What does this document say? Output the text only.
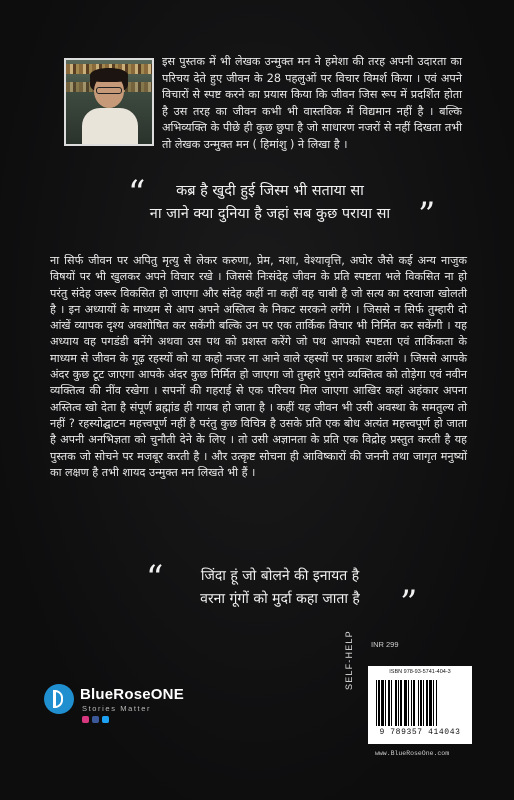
इस पुस्तक में भी लेखक उन्मुक्त मन ने हमेशा की तरह अपनी उदारता का परिचय देते हुए जीवन के 28 पहलुओं पर विचार विमर्श किया । एवं अपने विचारों से स्पष्ट करने का प्रयास किया कि जीवन जिस रूप में प्रदर्शित होता है उस तरह का जीवन कभी भी वास्तविक में विद्यमान नहीं है । बल्कि अभिव्यक्ति के पीछे ही कुछ छुपा है जो साधारण नजरों से नहीं दिखता तभी तो लेखक उन्मुक्त मन ( हिमांशु ) ने लिखा है ।

“	कब्र है खुदी हुई जिस्म भी सताया सा
ना जाने क्या दुनिया है जहां सब कुछ पराया सा ”

ना सिर्फ जीवन पर अपितु मृत्यु से लेकर करुणा, प्रेम, नशा, वेश्यावृत्ति, अघोर जैसे कई अन्य नाजुक विषयों पर भी खुलकर अपने विचार रखे । जिससे निःसंदेह जीवन के प्रति स्पष्टता भले विकसित ना हो परंतु संदेह जरूर विकसित हो जाएगा और संदेह कहीं ना कहीं वह चाबी है जो सत्य का दरवाजा खोलती है । इन अध्यायों के माध्यम से आप अपने अस्तित्व के निकट सरकने लगेंगे । जिससे न सिर्फ तुम्हारी दो आंखें व्यापक दृश्य अवशोषित कर सकेंगी बल्कि उन पर एक तार्किक विचार भी निर्मित कर सकेंगी । यह अध्याय वह पगडंडी बनेंगे अथवा उस पथ को प्रशस्त करेंगे जो पथ आपको स्पष्टता एवं तार्किकता के माध्यम से जीवन के गूढ़ रहस्यों को या कहो नजर ना आने वाले रहस्यों पर प्रकाश डालेंगे । जिससे आपके अंदर कुछ टूट जाएगा आपके अंदर कुछ निर्मित हो जाएगा जो तुम्हारे पुराने व्यक्तित्व को तोड़ेगा एवं नवीन व्यक्तित्व की नींव रखेगा । सपनों की गहराई से एक परिचय मिल जाएगा आखिर कहां अहंकार अपना अस्तित्व खो देता है संपूर्ण ब्रह्मांड ही गायब हो जाता है । कहीं यह जीवन भी उसी अवस्था के समतुल्य तो नहीं ? रहस्योद्घाटन महत्त्वपूर्ण नहीं है परंतु कुछ विचित्र है उसके प्रति एक बोध अत्यंत महत्त्वपूर्ण हो जाता है अपनी अनभिज्ञता को चुनौती देने के लिए । तो उसी अज्ञानता के प्रति एक विद्रोह प्रस्तुत करती है यह पुस्तक जो सोचने पर मजबूर करती है । और उत्कृष्ट सोचना ही आविष्कारों की जननी तथा जागृत मनुष्यों का लक्षण है तभी शायद उन्मुक्त मन लिखते भी हैं ।

“	जिंदा हूं जो बोलने की इनायत है
वरना गूंगों को मुर्दा कहा जाता है	”
BlueRoseONE
Stories Matter
INR 299
SELF-HELP	ISBN 978-93-5741-404-3
9 789357 414043
www.BlueRoseOne.com
